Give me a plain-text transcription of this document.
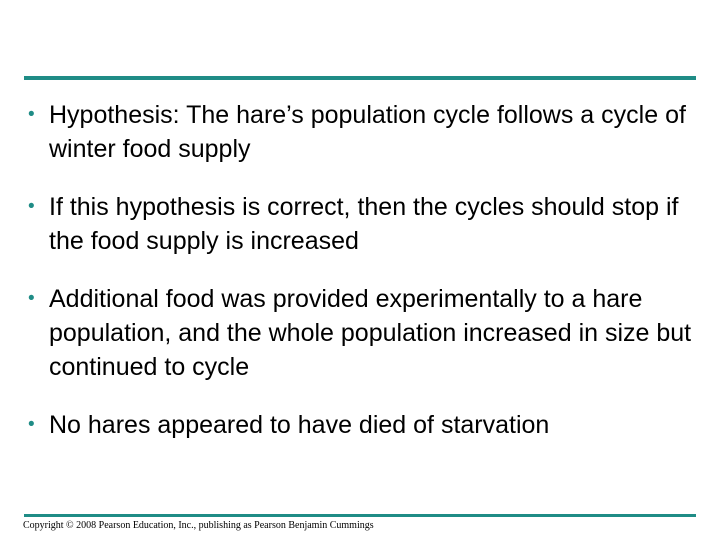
• Hypothesis: The hare’s population cycle follows a cycle of winter food supply
• If this hypothesis is correct, then the cycles should stop if the food supply is increased
• Additional food was provided experimentally to a hare population, and the whole population increased in size but continued to cycle
• No hares appeared to have died of starvation
Copyright © 2008 Pearson Education, Inc., publishing as Pearson Benjamin Cummings
